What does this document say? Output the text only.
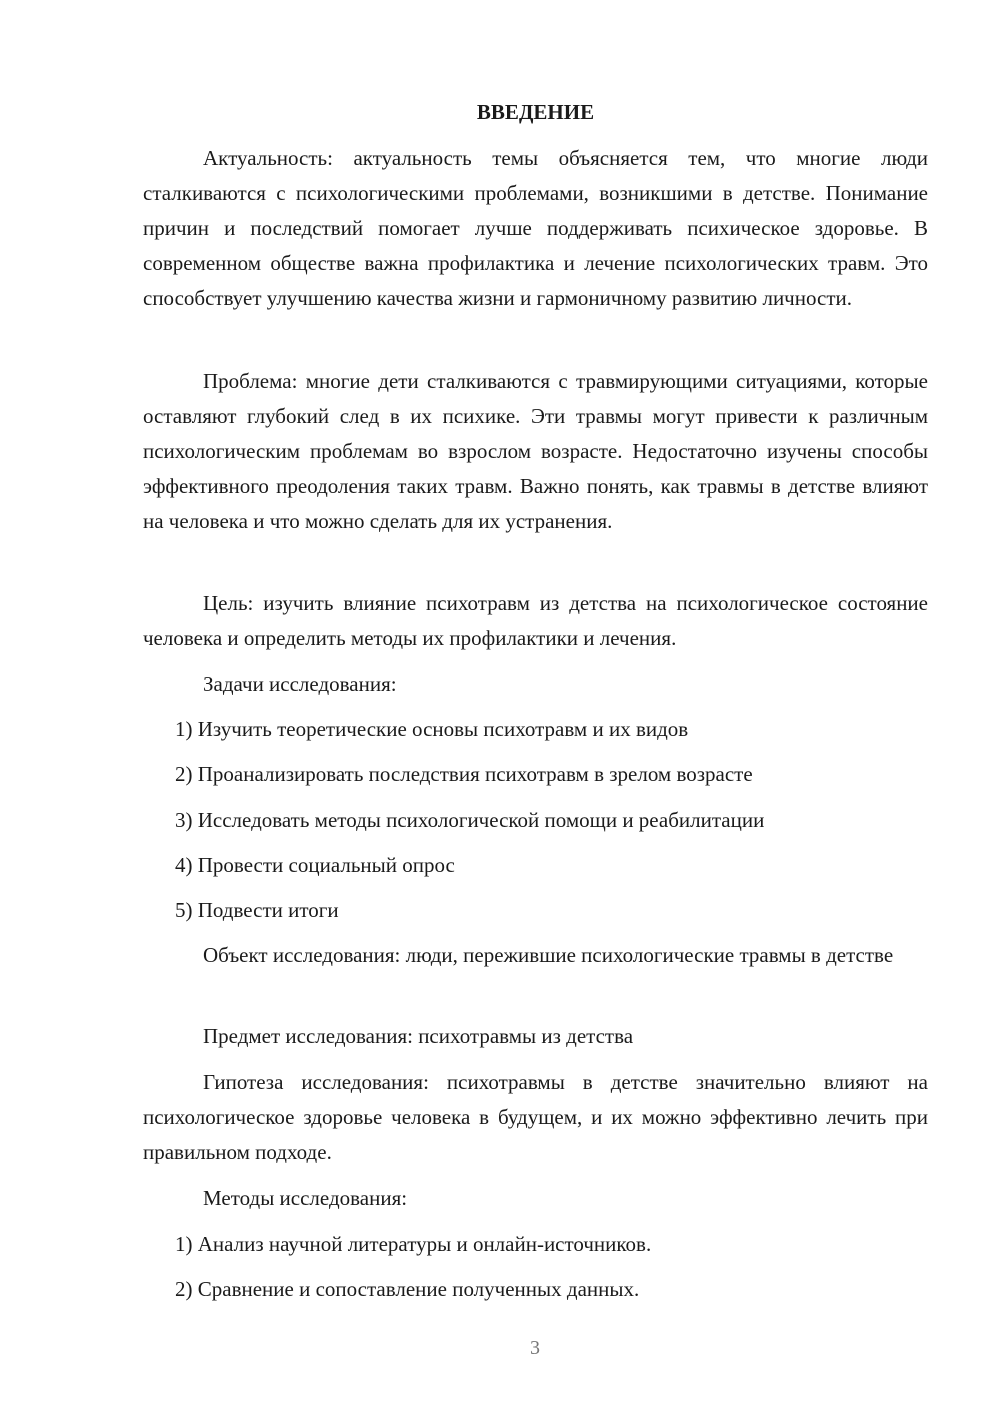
ВВЕДЕНИЕ

Актуальность: актуальность темы объясняется тем, что многие люди сталкиваются с психологическими проблемами, возникшими в детстве. Понимание причин и последствий помогает лучше поддерживать психическое здоровье. В современном обществе важна профилактика и лечение психологических травм. Это способствует улучшению качества жизни и гармоничному развитию личности.

Проблема: многие дети сталкиваются с травмирующими ситуациями, которые оставляют глубокий след в их психике. Эти травмы могут привести к различным психологическим проблемам во взрослом возрасте. Недостаточно изучены способы эффективного преодоления таких травм. Важно понять, как травмы в детстве влияют на человека и что можно сделать для их устранения.

Цель: изучить влияние психотравм из детства на психологическое состояние человека и определить методы их профилактики и лечения.

Задачи исследования:
1) Изучить теоретические основы психотравм и их видов
2) Проанализировать последствия психотравм в зрелом возрасте
3) Исследовать методы психологической помощи и реабилитации
4) Провести социальный опрос
5) Подвести итоги

Объект исследования: люди, пережившие психологические травмы в детстве

Предмет исследования: психотравмы из детства

Гипотеза исследования: психотравмы в детстве значительно влияют на психологическое здоровье человека в будущем, и их можно эффективно лечить при правильном подходе.

Методы исследования:
1) Анализ научной литературы и онлайн-источников.
2) Сравнение и сопоставление полученных данных.
3
